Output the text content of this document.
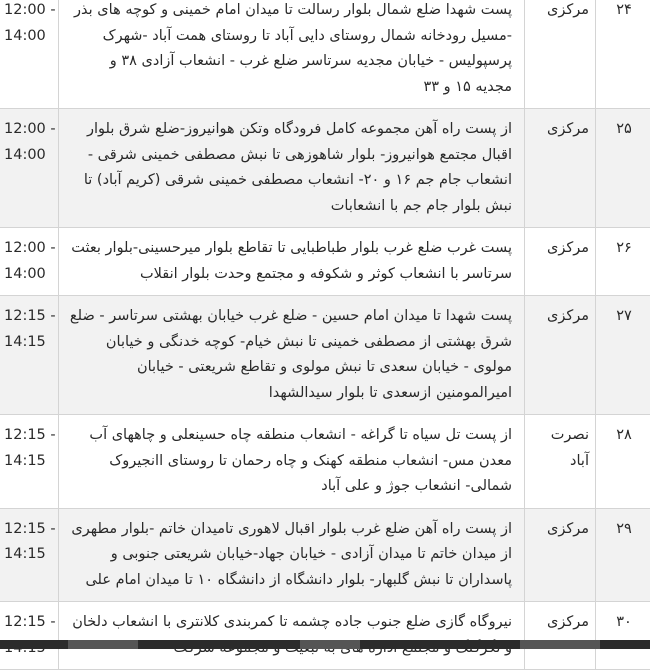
۲۴	مرکزی	پست شهدا ضلع شمال بلوار رسالت تا میدان امام خمینی و کوچه های بذر -مسیل رودخانه شمال روستای دایی آباد تا روستای همت آباد -شهرک پرسپولیس - خیابان مجدیه سرتاسر ضلع غرب - انشعاب آزادی ۳۸ و مجدیه ۱۵ و ۳۳	12:00 -
14:00

۲۵	مرکزی	از پست راه آهن مجموعه کامل فرودگاه وتکن هوانیروز-ضلع شرق بلوار اقبال مجتمع هوانیروز- بلوار شاهوزهی تا نبش مصطفی خمینی شرقی - انشعاب جام جم ۱۶ و ۲۰- انشعاب مصطفی خمینی شرقی (کریم آباد) تا نبش بلوار جام جم با انشعابات	12:00 -
14:00

۲۶	مرکزی	پست غرب ضلع غرب بلوار طباطبایی تا تقاطع بلوار میرحسینی-بلوار بعثت سرتاسر با انشعاب کوثر و شکوفه و مجتمع وحدت بلوار انقلاب	12:00 -
14:00

۲۷	مرکزی	پست شهدا تا میدان امام حسین - ضلع غرب خیابان بهشتی سرتاسر - ضلع شرق بهشتی از مصطفی خمینی تا نبش خیام- کوچه خدنگی و خیابان مولوی - خیابان سعدی تا نبش مولوی و تقاطع شریعتی - خیابان امیرالمومنین ازسعدی تا بلوار سیدالشهدا	12:15 -
14:15

۲۸	نصرت آباد	از پست تل سیاه تا گراغه - انشعاب منطقه چاه حسینعلی و چاههای آب معدن مس- انشعاب منطقه کهنک و چاه رحمان تا روستای اانجیروک شمالی- انشعاب جوژ و علی آباد	12:15 -
14:15

۲۹	مرکزی	از پست راه آهن ضلع غرب بلوار اقبال لاهوری تامیدان خاتم -بلوار مطهری از میدان خاتم تا میدان آزادی - خیابان جهاد-خیابان شریعتی جنوبی و پاسداران تا نبش گلبهار- بلوار دانشگاه از دانشگاه ۱۰ تا میدان امام علی	12:15 -
14:15

۳۰	مرکزی	نیروگاه گازی ضلع جنوب جاده چشمه تا کمربندی کلانتری با انشعاب دلخان	12:15 -
